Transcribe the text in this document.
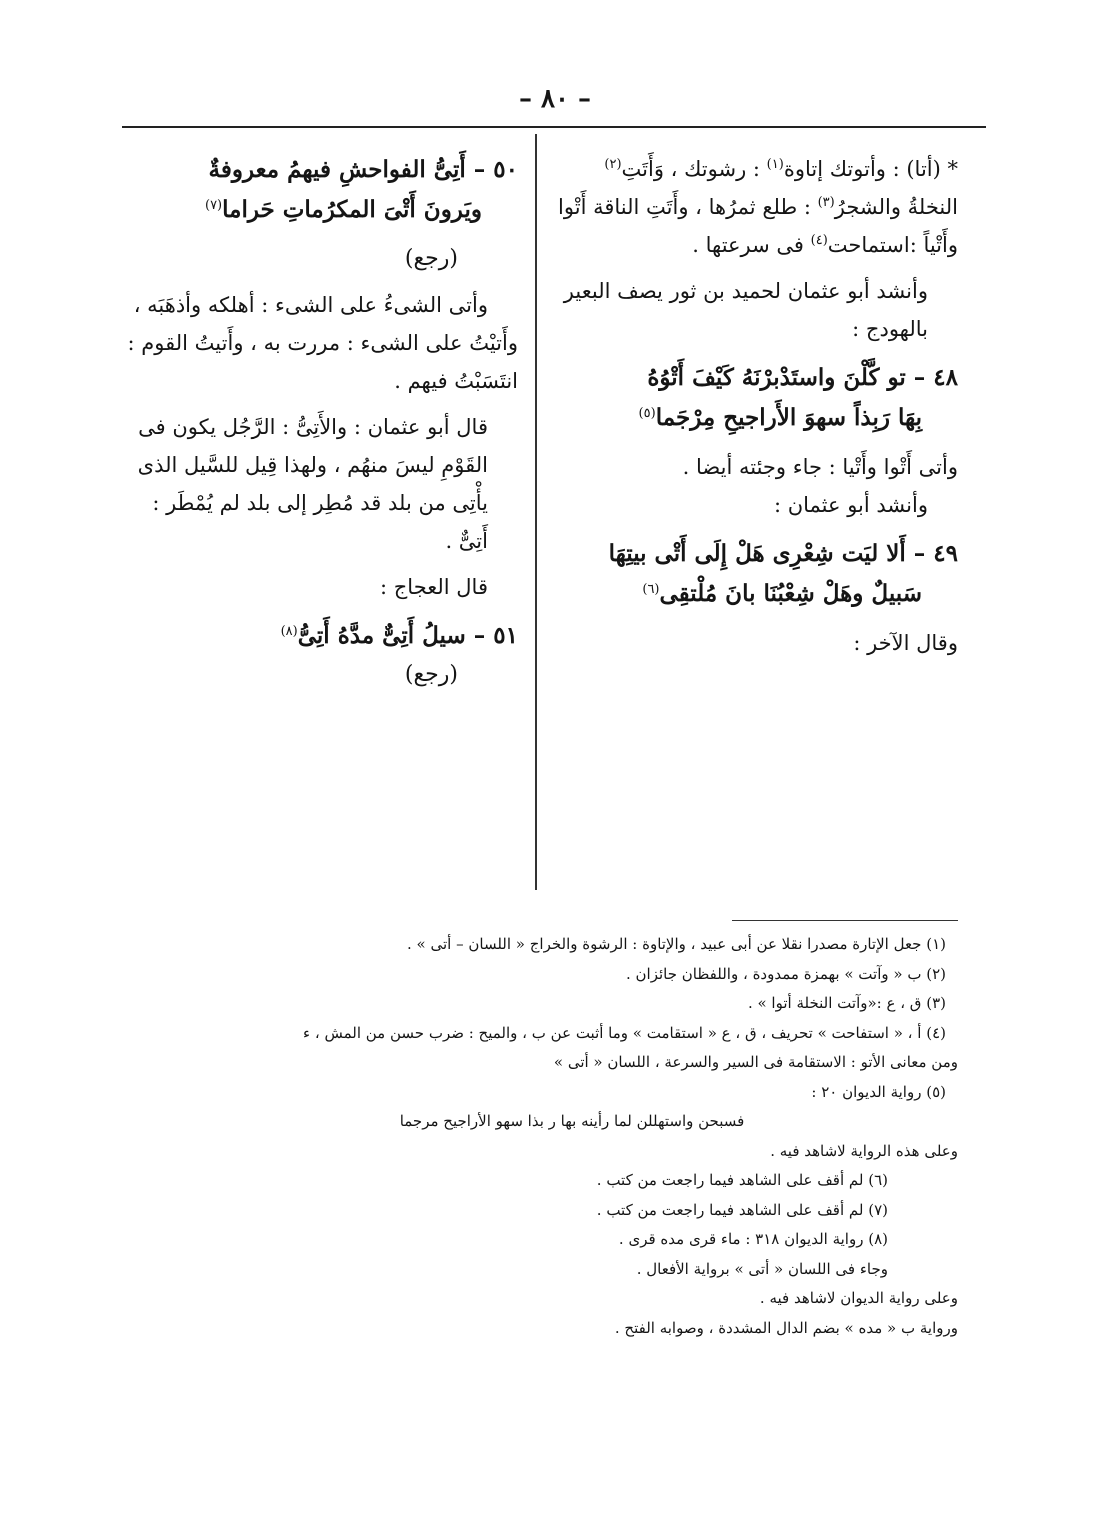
– ٨٠ –

* (أتا) : وأتوتك إتاوة$^{(١)}$ : رشوتك ، وَأَتَتِ$^{(٢)}$ النخلةُ والشجرُ$^{(٣)}$ : طلع ثمرُها ، وأَتَتِ الناقة أَتْوا وأَتْياً :استماحت$^{(٤)}$ فى سرعتها .

وأنشد أبو عثمان لحميد بن ثور يصف البعير بالهودج :

٤٨ – تو كَّلْنَ واستَدْبرْنَهُ كَيْفَ أَتْوُهُ

بِهَا رَبِذاً سهوَ الأَراجيحِ مِرْجَما$^{(٥)}$

وأتى أَتْوا وأَتْيا : جاء وجئته أيضا .

وأنشد أبو عثمان :

٤٩ – أَلا ليَت شِعْرِى هَلْ إِلَى أَتْى بيتِهَا

سَبيلٌ وهَلْ شِعْبُنَا بانَ مُلْتقِى$^{(٦)}$

وقال الآخر :

٥٠ – أَتِىُّ الفواحشِ فيهمُ معروفةٌ

ويَرونَ أَتْىَ المكرُماتِ حَراما$^{(٧)}$

(رجع)

وأتى الشىءُ على الشىء : أهلكه وأذهَبَه ،

وأَتيْتُ على الشىء : مررت به ، وأَتيتُ القوم : انتَسَبْتُ فيهم .

قال أبو عثمان : والأَتِىُّ : الرَّجُل يكون فى القَوْمِ ليسَ منهُم ، ولهذا قِيل للسَّيل الذى يأْتِى من بلد قد مُطِر إلى بلد لم يُمْطَر : أَتِىٌّ .

قال العجاج :

٥١ – سيلُ أَتِىٌّ مدَّهُ أَتِىُّ$^{(٨)}$

(رجع)

(١) جعل الإتارة مصدرا نقلا عن أبى عبيد ، والإتاوة : الرشوة والخراج « اللسان – أتى » .

(٢) ب « وآتت » بهمزة ممدودة ، واللفظان جائزان .

(٣) ق ، ع :«وآتت النخلة أتوا » .

(٤) أ ، « استفاحت » تحريف ، ق ، ع « استقامت » وما أثبت عن ب ، والميح : ضرب حسن من المش ، ء

ومن معانى الأتو : الاستقامة فى السير والسرعة ، اللسان « أتى »

(٥) رواية الديوان ٢٠ :

فسبحن واستهللن لما رأينه بها ر بذا سهو الأراجيح مرجما

وعلى هذه الرواية لاشاهد فيه .

(٦) لم أقف على الشاهد فيما راجعت من كتب .

(٧) لم أقف على الشاهد فيما راجعت من كتب .

(٨) رواية الديوان ٣١٨ : ماء قرى مده قرى .

وجاء فى اللسان « أتى » برواية الأفعال .

وعلى رواية الديوان لاشاهد فيه .

ورواية ب « مده » بضم الدال المشددة ، وصوابه الفتح .
